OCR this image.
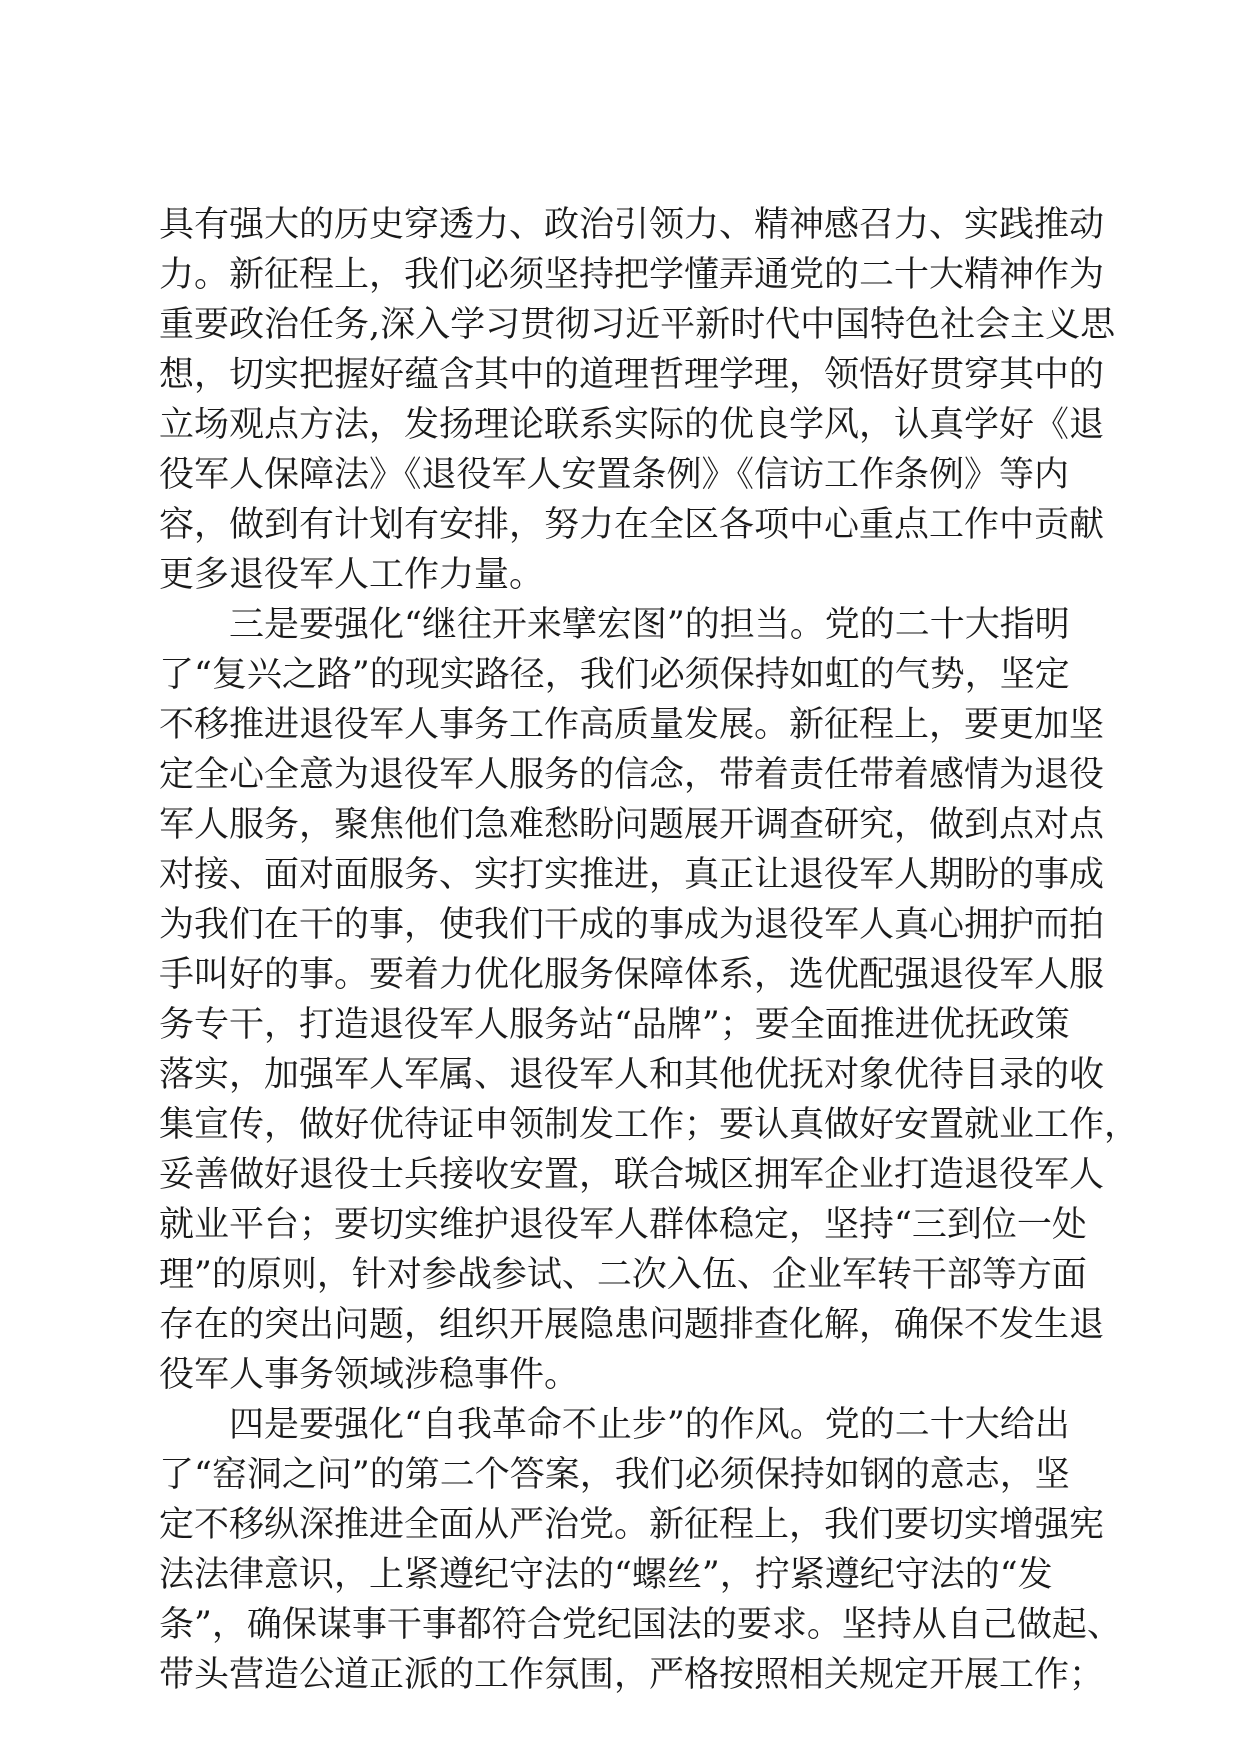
具有强大的历史穿透力、政治引领力、精神感召力、实践推动
力。新征程上，我们必须坚持把学懂弄通党的二十大精神作为
重要政治任务,深入学习贯彻习近平新时代中国特色社会主义思
想，切实把握好蕴含其中的道理哲理学理，领悟好贯穿其中的
立场观点方法，发扬理论联系实际的优良学风，认真学好《退
役军人保障法》《退役军人安置条例》《信访工作条例》等内
容，做到有计划有安排，努力在全区各项中心重点工作中贡献
更多退役军人工作力量。
　　三是要强化“继往开来擘宏图”的担当。党的二十大指明
了“复兴之路”的现实路径，我们必须保持如虹的气势，坚定
不移推进退役军人事务工作高质量发展。新征程上，要更加坚
定全心全意为退役军人服务的信念，带着责任带着感情为退役
军人服务，聚焦他们急难愁盼问题展开调查研究，做到点对点
对接、面对面服务、实打实推进，真正让退役军人期盼的事成
为我们在干的事，使我们干成的事成为退役军人真心拥护而拍
手叫好的事。要着力优化服务保障体系，选优配强退役军人服
务专干，打造退役军人服务站“品牌”；要全面推进优抚政策
落实，加强军人军属、退役军人和其他优抚对象优待目录的收
集宣传，做好优待证申领制发工作；要认真做好安置就业工作，
妥善做好退役士兵接收安置，联合城区拥军企业打造退役军人
就业平台；要切实维护退役军人群体稳定，坚持“三到位一处
理”的原则，针对参战参试、二次入伍、企业军转干部等方面
存在的突出问题，组织开展隐患问题排查化解，确保不发生退
役军人事务领域涉稳事件。
　　四是要强化“自我革命不止步”的作风。党的二十大给出
了“窑洞之问”的第二个答案，我们必须保持如钢的意志，坚
定不移纵深推进全面从严治党。新征程上，我们要切实增强宪
法法律意识，上紧遵纪守法的“螺丝”，拧紧遵纪守法的“发
条”，确保谋事干事都符合党纪国法的要求。坚持从自己做起、
带头营造公道正派的工作氛围，严格按照相关规定开展工作；
